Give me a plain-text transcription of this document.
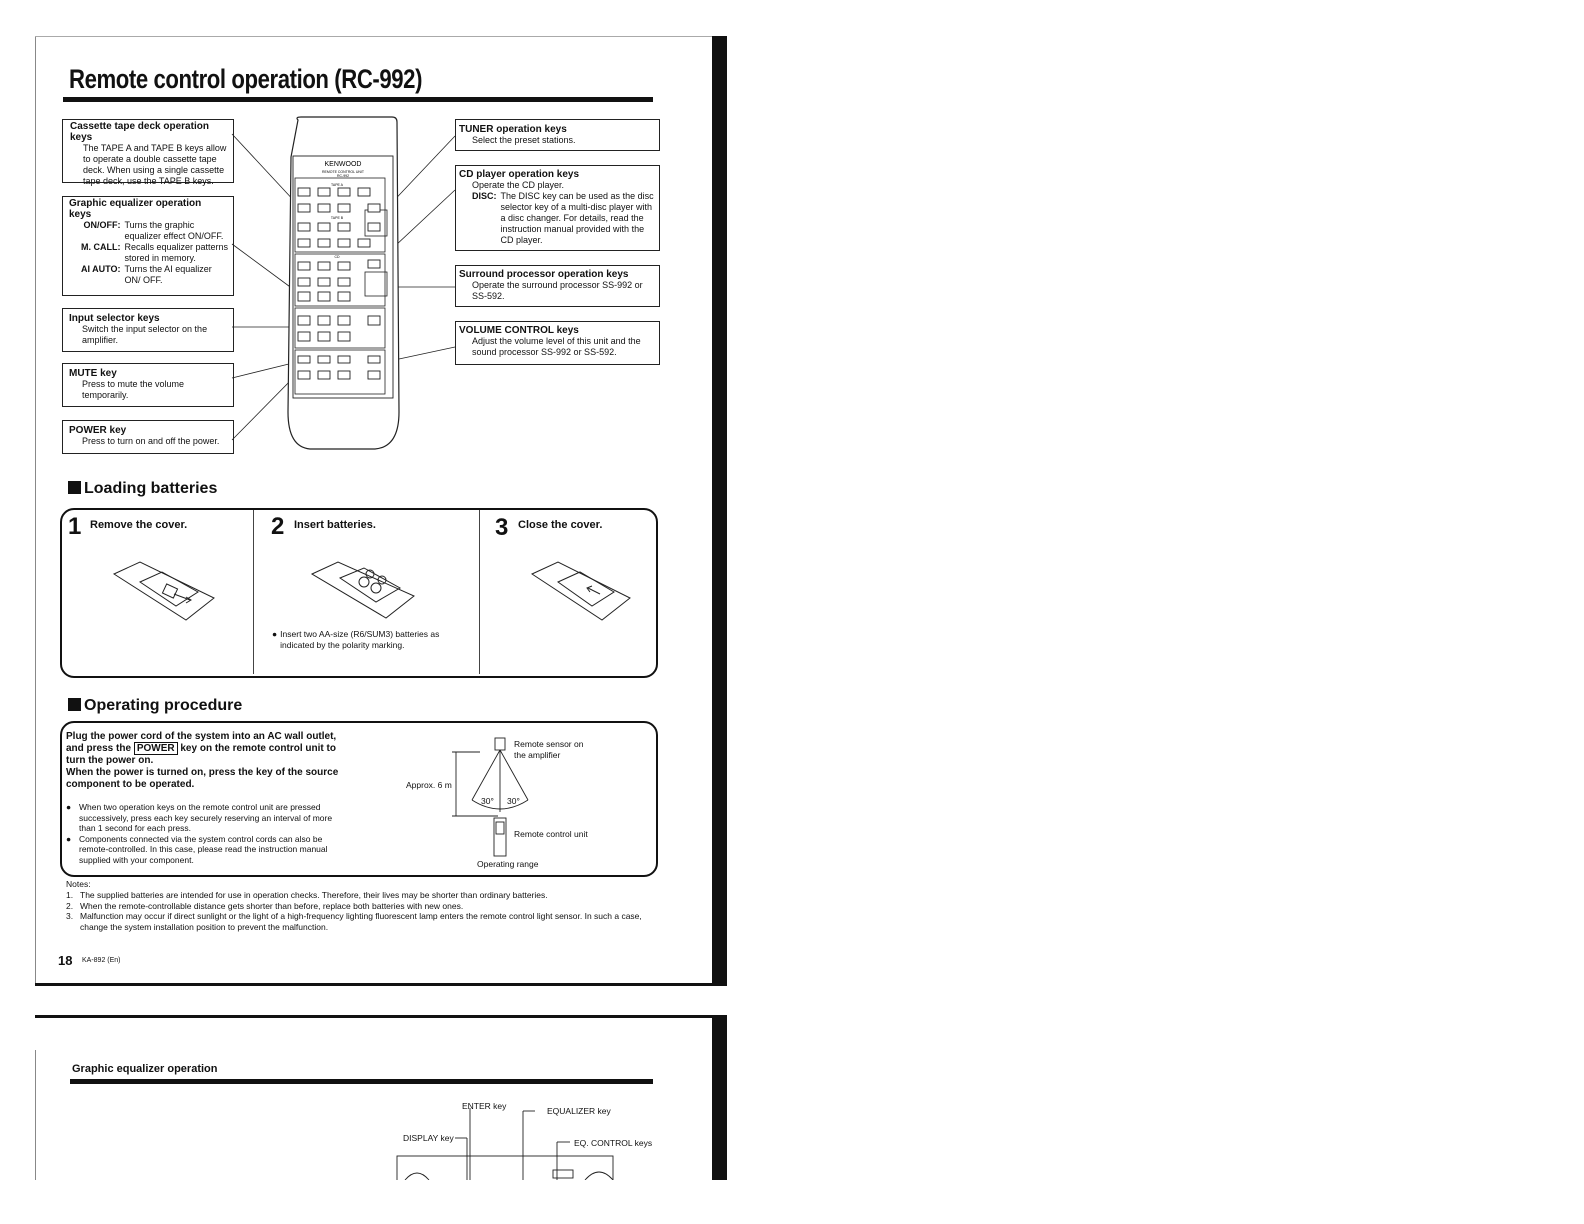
Remote control operation (RC-992)
Cassette tape deck operation keys
The TAPE A and TAPE B keys allow to operate a double cassette tape deck. When using a single cassette tape deck, use the TAPE B keys.
Graphic equalizer operation keys
ON/OFF: Turns the graphic equalizer effect ON/OFF.
M. CALL: Recalls equalizer patterns stored in memory.
AI AUTO: Turns the AI equalizer ON/ OFF.
Input selector keys
Switch the input selector on the amplifier.
MUTE key
Press to mute the volume temporarily.
POWER key
Press to turn on and off the power.
TUNER operation keys
Select the preset stations.
CD player operation keys
Operate the CD player.
DISC: The DISC key can be used as the disc selector key of a multi-disc player with a disc changer. For details, read the instruction manual provided with the CD player.
Surround processor operation keys
Operate the surround processor SS-992 or SS-592.
VOLUME CONTROL keys
Adjust the volume level of this unit and the sound processor SS-992 or SS-592.
KENWOOD
REMOTE CONTROL UNIT
RC-992
TAPE A
TAPE B
CD
Loading batteries
1 Remove the cover.	2 Insert batteries.	3 Close the cover.
● Insert two AA-size (R6/SUM3) batteries as indicated by the polarity marking.
Operating procedure
Plug the power cord of the system into an AC wall outlet, and press the POWER key on the remote control unit to turn the power on.
When the power is turned on, press the key of the source component to be operated.
● When two operation keys on the remote control unit are pressed successively, press each key securely reserving an interval of more than 1 second for each press.
● Components connected via the system control cords can also be remote-controlled. In this case, please read the instruction manual supplied with your component.
Remote sensor on the amplifier
Approx. 6 m
30° 30°
Remote control unit
Operating range
Notes:
1. The supplied batteries are intended for use in operation checks. Therefore, their lives may be shorter than ordinary batteries.
2. When the remote-controllable distance gets shorter than before, replace both batteries with new ones.
3. Malfunction may occur if direct sunlight or the light of a high-frequency lighting fluorescent lamp enters the remote control light sensor. In such a case, change the system installation position to prevent the malfunction.
18 KA-892 (En)
Graphic equalizer operation
ENTER key	EQUALIZER key
DISPLAY key	EQ. CONTROL keys
